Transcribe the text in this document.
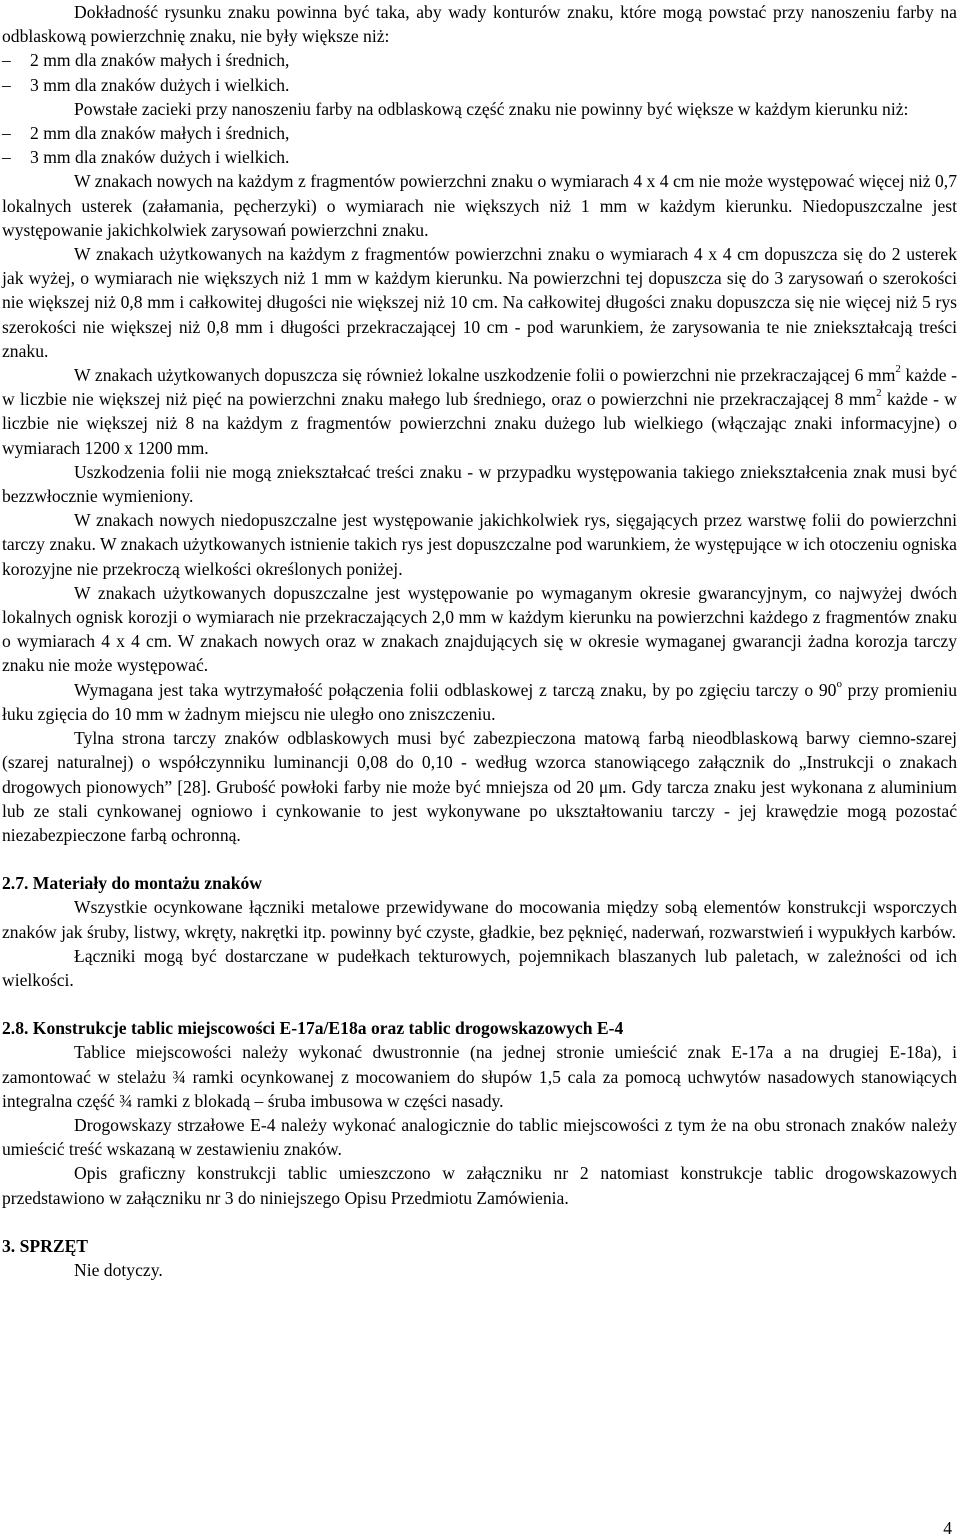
Dokładność rysunku znaku powinna być taka, aby wady konturów znaku, które mogą powstać przy nanoszeniu farby na odblaskową powierzchnię znaku, nie były większe niż:

–	2 mm dla znaków małych i średnich,
–	3 mm dla znaków dużych i wielkich.

Powstałe zacieki przy nanoszeniu farby na odblaskową część znaku nie powinny być większe w każdym kierunku niż:

–	2 mm dla znaków małych i średnich,
–	3 mm dla znaków dużych i wielkich.

W znakach nowych na każdym z fragmentów powierzchni znaku o wymiarach 4 x 4 cm nie może występować więcej niż 0,7 lokalnych usterek (załamania, pęcherzyki) o wymiarach nie większych niż 1 mm w każdym kierunku. Niedopuszczalne jest występowanie jakichkolwiek zarysowań powierzchni znaku.

W znakach użytkowanych na każdym z fragmentów powierzchni znaku o wymiarach 4 x 4 cm dopuszcza się do 2 usterek jak wyżej, o wymiarach nie większych niż 1 mm w każdym kierunku. Na powierzchni tej dopuszcza się do 3 zarysowań o szerokości nie większej niż 0,8 mm i całkowitej długości nie większej niż 10 cm. Na całkowitej długości znaku dopuszcza się nie więcej niż 5 rys szerokości nie większej niż 0,8 mm i długości przekraczającej 10 cm - pod warunkiem, że zarysowania te nie zniekształcają treści znaku.

W znakach użytkowanych dopuszcza się również lokalne uszkodzenie folii o powierzchni nie przekraczającej 6 $mm^2$ każde - w liczbie nie większej niż pięć na powierzchni znaku małego lub średniego, oraz o powierzchni nie przekraczającej 8 $mm^2$ każde - w liczbie nie większej niż 8 na każdym z fragmentów powierzchni znaku dużego lub wielkiego (włączając znaki informacyjne) o wymiarach 1200 x 1200 mm.

Uszkodzenia folii nie mogą zniekształcać treści znaku - w przypadku występowania takiego zniekształcenia znak musi być bezzwłocznie wymieniony.

W znakach nowych niedopuszczalne jest występowanie jakichkolwiek rys, sięgających przez warstwę folii do powierzchni tarczy znaku. W znakach użytkowanych istnienie takich rys jest dopuszczalne pod warunkiem, że występujące w ich otoczeniu ogniska korozyjne nie przekroczą wielkości określonych poniżej.

W znakach użytkowanych dopuszczalne jest występowanie po wymaganym okresie gwarancyjnym, co najwyżej dwóch lokalnych ognisk korozji o wymiarach nie przekraczających 2,0 mm w każdym kierunku na powierzchni każdego z fragmentów znaku o wymiarach 4 x 4 cm. W znakach nowych oraz w znakach znajdujących się w okresie wymaganej gwarancji żadna korozja tarczy znaku nie może występować.

Wymagana jest taka wytrzymałość połączenia folii odblaskowej z tarczą znaku, by po zgięciu tarczy o 90$^o$ przy promieniu łuku zgięcia do 10 mm w żadnym miejscu nie uległo ono zniszczeniu.

Tylna strona tarczy znaków odblaskowych musi być zabezpieczona matową farbą nieodblaskową barwy ciemno-szarej (szarej naturalnej) o współczynniku luminancji 0,08 do 0,10 - według wzorca stanowiącego załącznik do „Instrukcji o znakach drogowych pionowych” [28]. Grubość powłoki farby nie może być mniejsza od 20 μm. Gdy tarcza znaku jest wykonana z aluminium lub ze stali cynkowanej ogniowo i cynkowanie to jest wykonywane po ukształtowaniu tarczy - jej krawędzie mogą pozostać niezabezpieczone farbą ochronną.

2.7. Materiały do montażu znaków

Wszystkie ocynkowane łączniki metalowe przewidywane do mocowania między sobą elementów konstrukcji wsporczych znaków jak śruby, listwy, wkręty, nakrętki itp. powinny być czyste, gładkie, bez pęknięć, naderwań, rozwarstwień i wypukłych karbów.

Łączniki mogą być dostarczane w pudełkach tekturowych, pojemnikach blaszanych lub paletach, w zależności od ich wielkości.

2.8. Konstrukcje tablic miejscowości E-17a/E18a oraz tablic drogowskazowych E-4

Tablice miejscowości należy wykonać dwustronnie (na jednej stronie umieścić znak E-17a a na drugiej E-18a), i zamontować w stelażu ¾ ramki ocynkowanej z mocowaniem do słupów 1,5 cala za pomocą uchwytów nasadowych stanowiących integralna część ¾ ramki z blokadą – śruba imbusowa w części nasady.

Drogowskazy strzałowe E-4 należy wykonać analogicznie do tablic miejscowości z tym że na obu stronach znaków należy umieścić treść wskazaną w zestawieniu znaków.

Opis graficzny konstrukcji tablic umieszczono w załączniku nr 2 natomiast konstrukcje tablic drogowskazowych przedstawiono w załączniku nr 3 do niniejszego Opisu Przedmiotu Zamówienia.

3. SPRZĘT

Nie dotyczy.

4
